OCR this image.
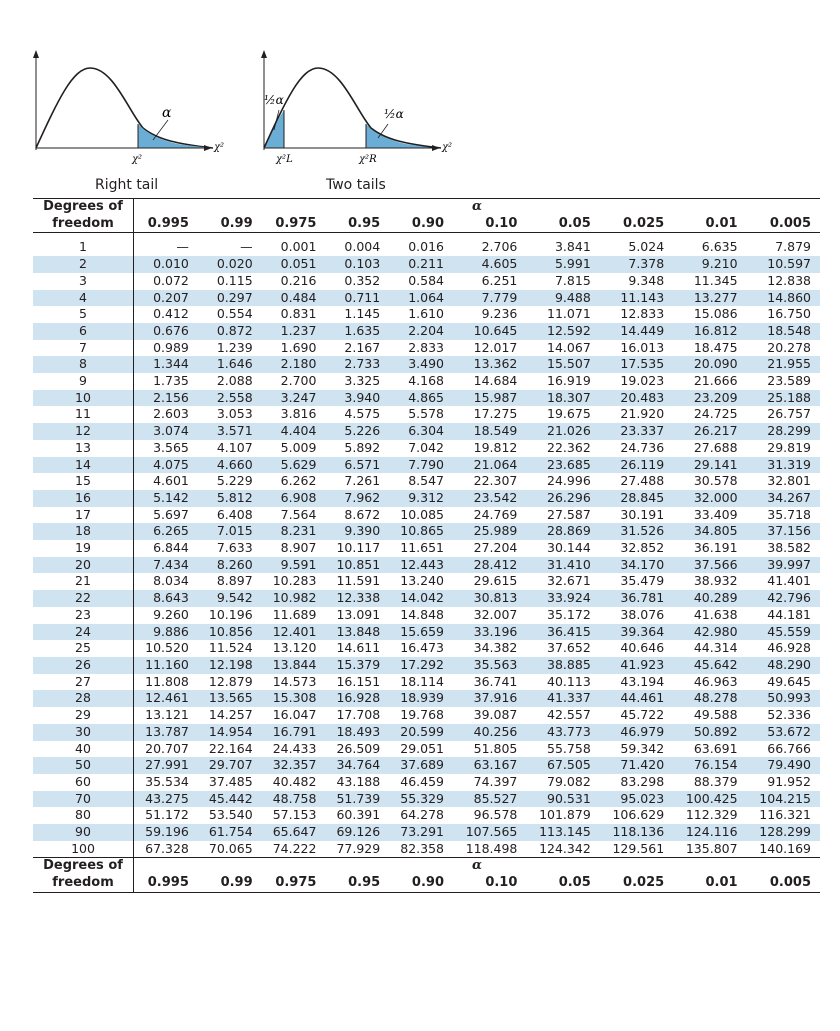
α
χ²
χ²
Right tail
½α
½α
χ²
χ²L	χ²R
Two tails
Degrees of	α									
freedom	0.995	0.99	0.975	0.95	0.90	0.10	0.05	0.025	0.01	0.005
1	—	—	0.001	0.004	0.016	2.706	3.841	5.024	6.635	7.879
2	0.010	0.020	0.051	0.103	0.211	4.605	5.991	7.378	9.210	10.597
3	0.072	0.115	0.216	0.352	0.584	6.251	7.815	9.348	11.345	12.838
4	0.207	0.297	0.484	0.711	1.064	7.779	9.488	11.143	13.277	14.860
5	0.412	0.554	0.831	1.145	1.610	9.236	11.071	12.833	15.086	16.750
6	0.676	0.872	1.237	1.635	2.204	10.645	12.592	14.449	16.812	18.548
7	0.989	1.239	1.690	2.167	2.833	12.017	14.067	16.013	18.475	20.278
8	1.344	1.646	2.180	2.733	3.490	13.362	15.507	17.535	20.090	21.955
9	1.735	2.088	2.700	3.325	4.168	14.684	16.919	19.023	21.666	23.589
10	2.156	2.558	3.247	3.940	4.865	15.987	18.307	20.483	23.209	25.188
11	2.603	3.053	3.816	4.575	5.578	17.275	19.675	21.920	24.725	26.757
12	3.074	3.571	4.404	5.226	6.304	18.549	21.026	23.337	26.217	28.299
13	3.565	4.107	5.009	5.892	7.042	19.812	22.362	24.736	27.688	29.819
14	4.075	4.660	5.629	6.571	7.790	21.064	23.685	26.119	29.141	31.319
15	4.601	5.229	6.262	7.261	8.547	22.307	24.996	27.488	30.578	32.801
16	5.142	5.812	6.908	7.962	9.312	23.542	26.296	28.845	32.000	34.267
17	5.697	6.408	7.564	8.672	10.085	24.769	27.587	30.191	33.409	35.718
18	6.265	7.015	8.231	9.390	10.865	25.989	28.869	31.526	34.805	37.156
19	6.844	7.633	8.907	10.117	11.651	27.204	30.144	32.852	36.191	38.582
20	7.434	8.260	9.591	10.851	12.443	28.412	31.410	34.170	37.566	39.997
21	8.034	8.897	10.283	11.591	13.240	29.615	32.671	35.479	38.932	41.401
22	8.643	9.542	10.982	12.338	14.042	30.813	33.924	36.781	40.289	42.796
23	9.260	10.196	11.689	13.091	14.848	32.007	35.172	38.076	41.638	44.181
24	9.886	10.856	12.401	13.848	15.659	33.196	36.415	39.364	42.980	45.559
25	10.520	11.524	13.120	14.611	16.473	34.382	37.652	40.646	44.314	46.928
26	11.160	12.198	13.844	15.379	17.292	35.563	38.885	41.923	45.642	48.290
27	11.808	12.879	14.573	16.151	18.114	36.741	40.113	43.194	46.963	49.645
28	12.461	13.565	15.308	16.928	18.939	37.916	41.337	44.461	48.278	50.993
29	13.121	14.257	16.047	17.708	19.768	39.087	42.557	45.722	49.588	52.336
30	13.787	14.954	16.791	18.493	20.599	40.256	43.773	46.979	50.892	53.672
40	20.707	22.164	24.433	26.509	29.051	51.805	55.758	59.342	63.691	66.766
50	27.991	29.707	32.357	34.764	37.689	63.167	67.505	71.420	76.154	79.490
60	35.534	37.485	40.482	43.188	46.459	74.397	79.082	83.298	88.379	91.952
70	43.275	45.442	48.758	51.739	55.329	85.527	90.531	95.023	100.425	104.215
80	51.172	53.540	57.153	60.391	64.278	96.578	101.879	106.629	112.329	116.321
90	59.196	61.754	65.647	69.126	73.291	107.565	113.145	118.136	124.116	128.299
100	67.328	70.065	74.222	77.929	82.358	118.498	124.342	129.561	135.807	140.169
Degrees of	α									
freedom	0.995	0.99	0.975	0.95	0.90	0.10	0.05	0.025	0.01	0.005
